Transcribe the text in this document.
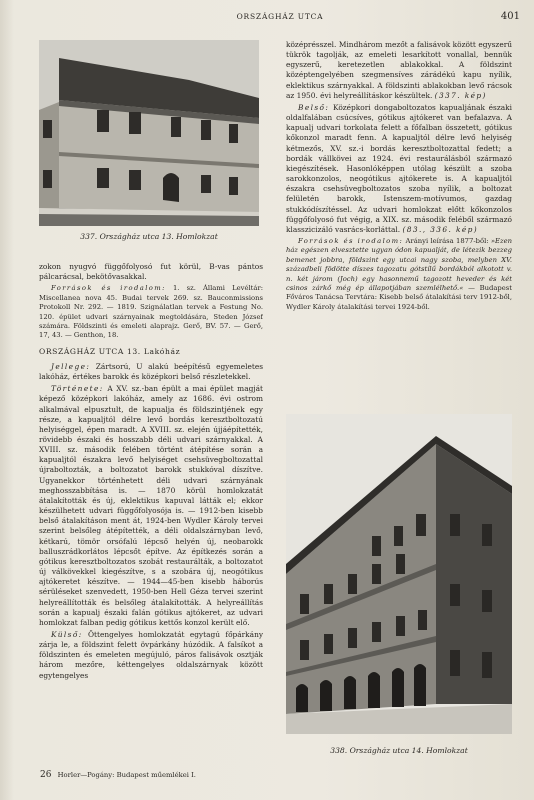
ORSZÁGHÁZ UTCA	401
337. Országház utca 13. Homlokzat

zokon nyugvó függőfolyosó fut körül, B-vas pántos pálcarácsal, bekötővasakkal.

Források és irodalom: 1. sz. Állami Levéltár: Miscellanea nova 45. Budai tervek 269. sz. Bauconmissions Protokoll Nr. 292. — 1819. Szignálatlan tervek a Festung No. 120. épület udvari szárnyainak megtoldására, Steden József számára. Földszinti és emeleti alaprajz. Gerő, BV. 57. — Gerő, 17, 43. — Genthon, 18.

ORSZÁGHÁZ UTCA 13. Lakóház

Jellege: Zártsorú, U alakú beépítésű egyemeletes lakóház, értékes barokk és középkori belső részletekkel.

Története: A XV. sz.-ban épült a mai épület magját képező középkori lakóház, amely az 1686. évi ostrom alkalmával elpusztult, de kapualja és földszintjének egy része, a kapualjtól délre levő bordás keresztboltozatú helyiséggel, épen maradt. A XVIII. sz. elején újjáépítették, rövidebb északi és hosszabb déli udvari szárnyakkal. A XVIII. sz. második felében történt átépítése során a kapualjtól északra levő helyiséget csehsüvegboltozattal újraboltozták, a boltozatot barokk stukkóval díszítve. Ugyanekkor történhetett déli udvari szárnyának meghosszabbítása is. — 1870 körül homlokzatát átalakították és új, eklektikus kapuval látták el; ekkor készülhetett udvari függőfolyosója is. — 1912-ben kisebb belső átalakításon ment át, 1924-ben Wydler Károly tervei szerint belsőleg átépítették, a déli oldalszárnyban levő, kétkarú, tömör orsófalú lépcső helyén új, neobarokk balluszrádkorlátos lépcsőt építve. Az építkezés során a gótikus keresztboltozatos szobát restaurálták, a boltozatot új válkövekkel kiegészítve, s a szobára új, neogótikus ajtókeretet készítve. — 1944—45-ben kisebb háborús sérüléseket szenvedett, 1950-ben Hell Géza tervei szerint helyreállították és belsőleg átalakították. A helyreállítás során a kapualj északi falán gótikus ajtókeret, az udvari homlokzat falban pedig gótikus kettős konzol került elő.

Külső: Öttengelyes homlokzatát egytagú főpárkány zárja le, a földszint felett övpárkány húzódik. A falsíkot a földszinten és emeleten megújuló, páros falisávok osztják három mezőre, kéttengelyes oldalszárnyak között egytengelyes

középrésszel. Mindhárom mezőt a falisávok között egyszerű tükrök tagolják, az emeleti lesarkított vonallal, bennük egyszerű, keretezetlen ablakokkal. A földszint középtengelyében szegmensíves zárádékú kapu nyílik, eklektikus szárnyakkal. A földszinti ablakokban levő rácsok az 1950. évi helyreállításkor készültek. (337. kép)

Belső: Középkori dongaboltozatos kapualjának északi oldalfalában csúcsíves, gótikus ajtókeret van befalazva. A kapualj udvari torkolata felett a főfalban összetett, gótikus kőkonzol maradt fenn. A kapualjtól délre levő helyiség kétmezős, XV. sz.-i bordás keresztboltozattal fedett; a bordák vállkövei az 1924. évi restaurálásból származó kiegészítések. Hasonlóképpen utólag készült a szoba sarokkonzolos, neogótikus ajtókerete is. A kapualjtól északra csehsüvegboltozatos szoba nyílik, a boltozat felületén barokk, Istenszem-motívumos, gazdag stukkódíszítéssel. Az udvari homlokzat előtt kőkonzolos függőfolyosó fut végig, a XIX. sz. második feléből származó klasszicizáló vasrács-korláttal. (83., 336. kép)

Források és irodalom: Arányi leírása 1877-ből: »Ezen ház egészen elvesztette ugyan ódon kapualját, de létezik bezzeg bemenet jobbra, földszint egy utcai nagy szoba, melyben XV. századbeli födötte díszes tagozatu gótstílű bordákból alkotott v. n. két járom (Joch) egy hasonnemű tagozott heveder és két csinos zárkő még ép állapotjában szemlélhető.« — Budapest Főváros Tanácsa Tervtára: Kisebb belső átalakítási terv 1912-ből, Wydler Károly átalakítási tervei 1924-ből.

338. Országház utca 14. Homlokzat
26 Horler—Pogány: Budapest műemlékei I.
